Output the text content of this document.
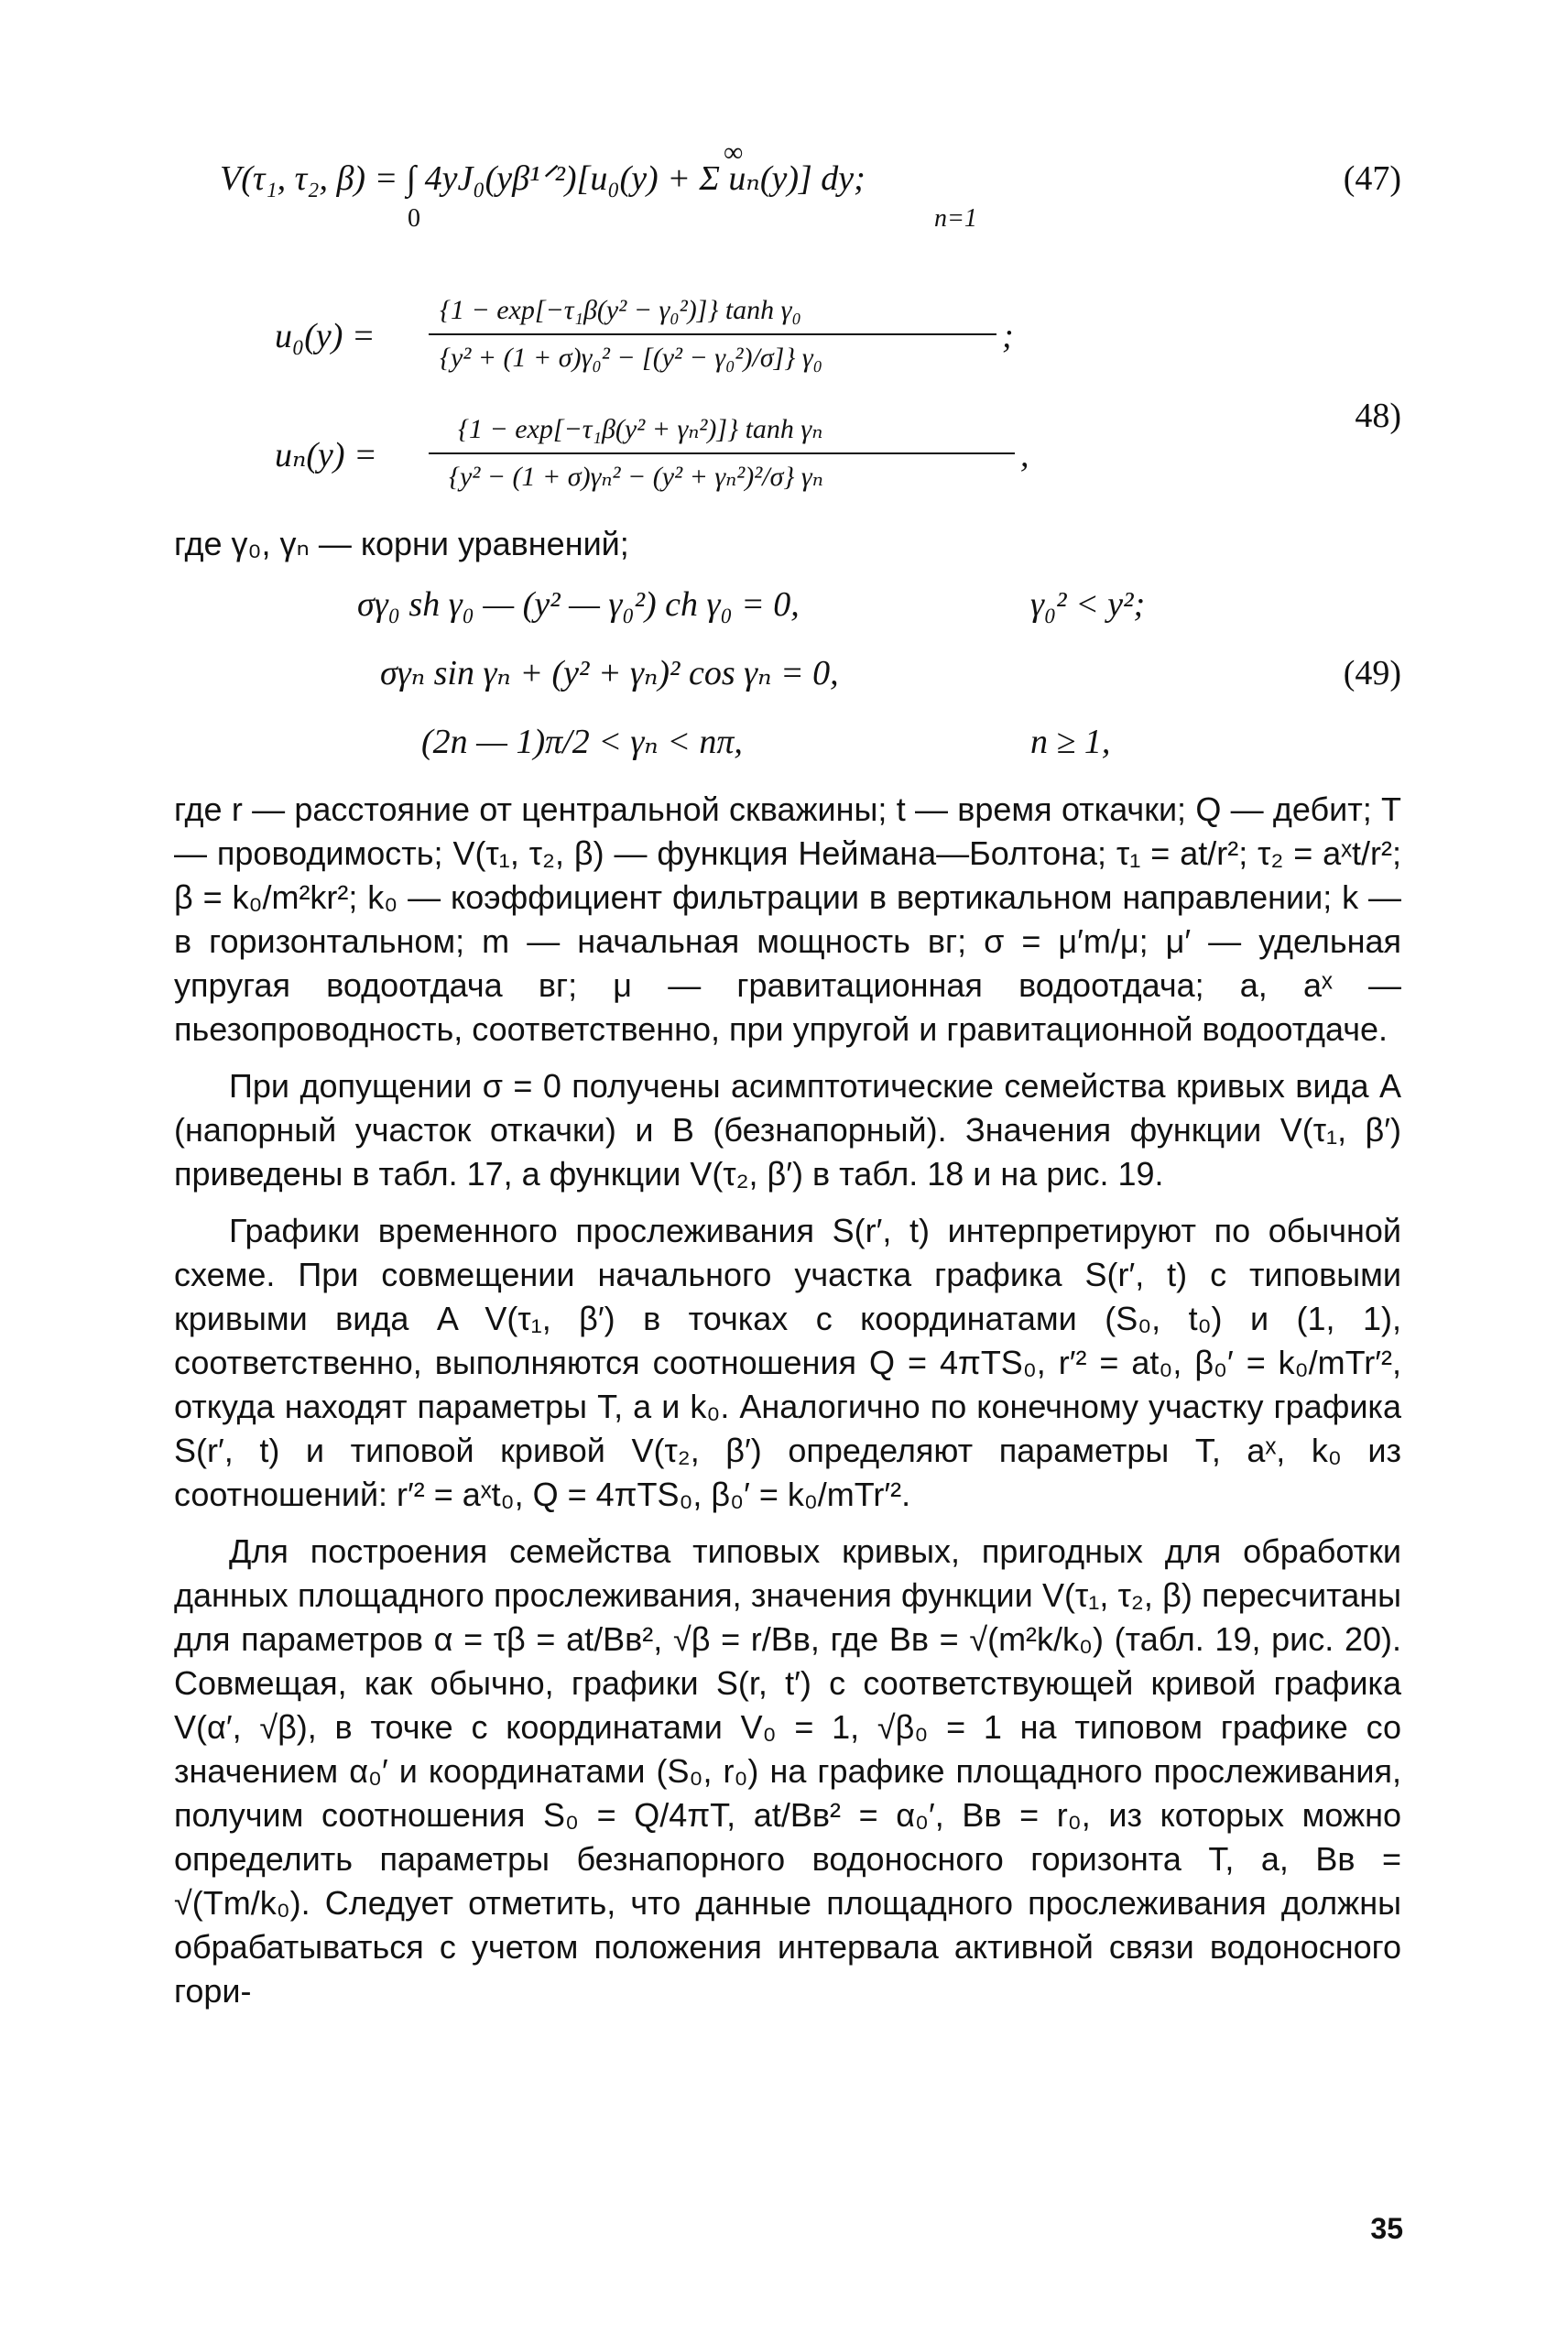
∞
V(τ₁, τ₂, β) = ∫ 4yJ₀(yβ¹ᐟ²)[u₀(y) + Σ uₙ(y)] dy;
0	n=1
(47)
u₀(y) =
{1 − exp[−τ₁β(y² − γ₀²)]} tanh γ₀
{y² + (1 + σ)γ₀² − [(y² − γ₀²)/σ]} γ₀
;
48)
uₙ(y) =
{1 − exp[−τ₁β(y² + γₙ²)]} tanh γₙ
{y² − (1 + σ)γₙ² − (y² + γₙ²)²/σ} γₙ
,
где γ₀, γₙ — корни уравнений;
σγ₀ sh γ₀ — (y² — γ₀²) ch γ₀ = 0,	γ₀² < y²;
σγₙ sin γₙ + (y² + γₙ)² cos γₙ = 0,	(49)
(2n — 1)π/2 < γₙ < nπ,	n ≥ 1,

где r — расстояние от центральной скважины; t — время откачки; Q — дебит; T — проводимость; V(τ₁, τ₂, β) — функция Неймана—Болтона; τ₁ = at/r²; τ₂ = aˣt/r²; β = k₀/m²kr²; k₀ — коэффициент фильтрации в вертикальном направлении; k — в горизонтальном; m — начальная мощность вг; σ = μ′m/μ; μ′ — удельная упругая водоотдача вг; μ — гравитационная водоотдача; a, aˣ — пьезопроводность, соответственно, при упругой и гравитационной водоотдаче.

При допущении σ = 0 получены асимптотические семейства кривых вида A (напорный участок откачки) и B (безнапорный). Значения функции V(τ₁, β′) приведены в табл. 17, а функции V(τ₂, β′) в табл. 18 и на рис. 19.

Графики временного прослеживания S(r′, t) интерпретируют по обычной схеме. При совмещении начального участка графика S(r′, t) с типовыми кривыми вида A V(τ₁, β′) в точках с координатами (S₀, t₀) и (1, 1), соответственно, выполняются соотношения Q = 4πTS₀, r′² = at₀, β₀′ = k₀/mTr′², откуда находят параметры T, a и k₀. Аналогично по конечному участку графика S(r′, t) и типовой кривой V(τ₂, β′) определяют параметры T, aˣ, k₀ из соотношений: r′² = aˣt₀, Q = 4πTS₀, β₀′ = k₀/mTr′².

Для построения семейства типовых кривых, пригодных для обработки данных площадного прослеживания, значения функции V(τ₁, τ₂, β) пересчитаны для параметров α = τβ = at/Bв², √β = r/Bв, где Bв = √(m²k/k₀) (табл. 19, рис. 20). Совмещая, как обычно, графики S(r, t′) с соответствующей кривой графика V(α′, √β), в точке с координатами V₀ = 1, √β₀ = 1 на типовом графике со значением α₀′ и координатами (S₀, r₀) на графике площадного прослеживания, получим соотношения S₀ = Q/4πT, at/Bв² = α₀′, Bв = r₀, из которых можно определить параметры безнапорного водоносного горизонта T, a, Bв = √(Tm/k₀). Следует отметить, что данные площадного прослеживания должны обрабатываться с учетом положения интервала активной связи водоносного гори-

35
